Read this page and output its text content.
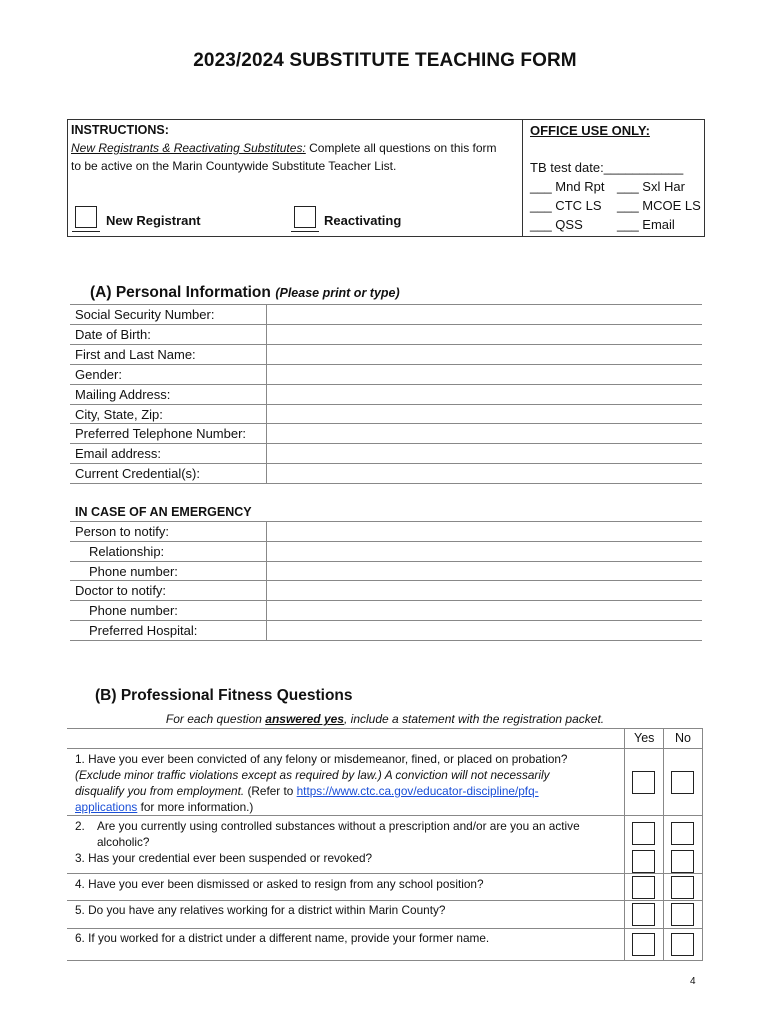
2023/2024 SUBSTITUTE TEACHING FORM
INSTRUCTIONS:
New Registrants & Reactivating Substitutes: Complete all questions on this form
to be active on the Marin Countywide Substitute Teacher List.
New Registrant	Reactivating
OFFICE USE ONLY:
TB test date:___________
___ Mnd Rpt ___ Sxl Har
___ CTC LS ___ MCOE LS
___ QSS	___ Email
(A) Personal Information (Please print or type)
Social Security Number:
Date of Birth:
First and Last Name:
Gender:
Mailing Address:
City, State, Zip:
Preferred Telephone Number:
Email address:
Current Credential(s):
IN CASE OF AN EMERGENCY
Person to notify:
Relationship:
Phone number:
Doctor to notify:
Phone number:
Preferred Hospital:
(B) Professional Fitness Questions
For each question answered yes, include a statement with the registration packet.
Yes No
1. Have you ever been convicted of any felony or misdemeanor, fined, or placed on probation?
(Exclude minor traffic violations except as required by law.) A conviction will not necessarily
disqualify you from employment. (Refer to https://www.ctc.ca.gov/educator-discipline/pfq-
applications for more information.)
2. Are you currently using controlled substances without a prescription and/or are you an active
alcoholic?
3. Has your credential ever been suspended or revoked?
4. Have you ever been dismissed or asked to resign from any school position?
5. Do you have any relatives working for a district within Marin County?
6. If you worked for a district under a different name, provide your former name.
4
